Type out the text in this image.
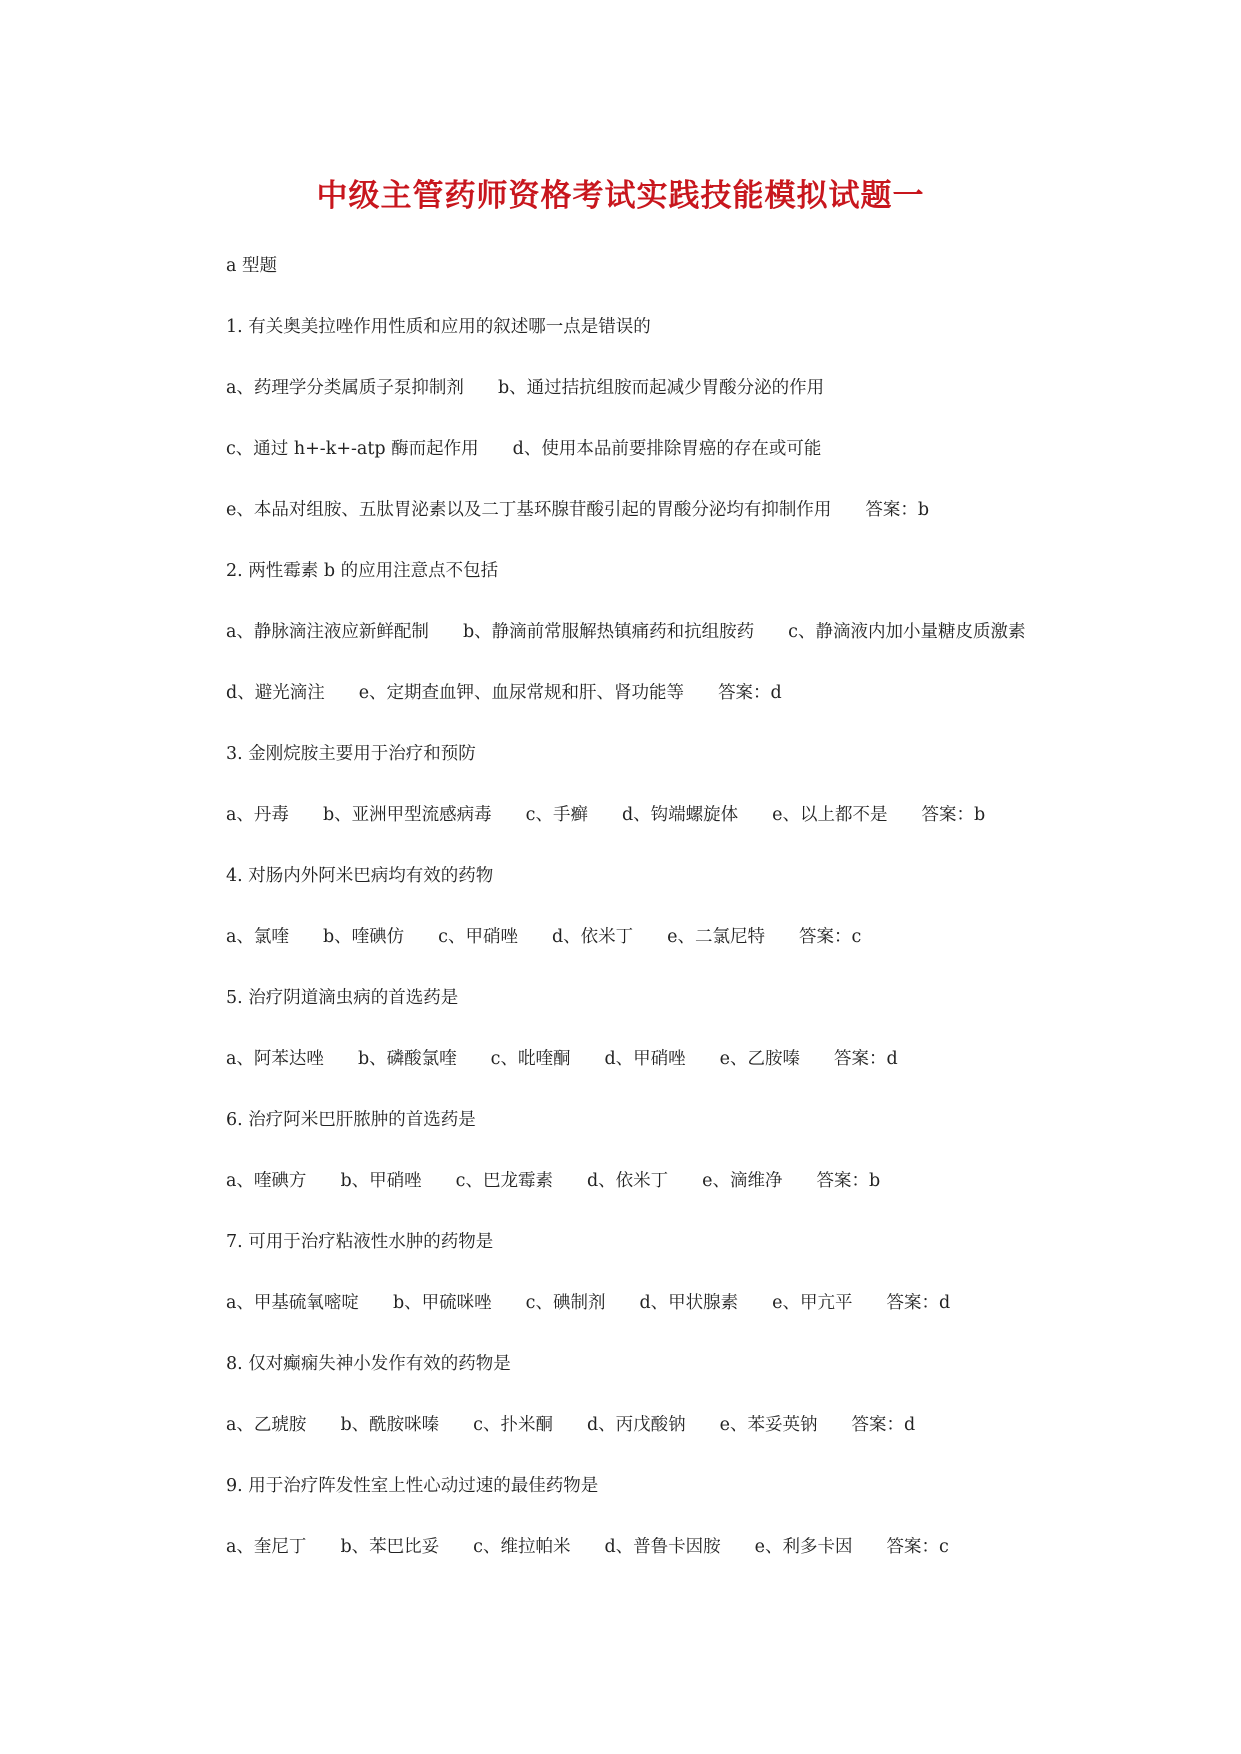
中级主管药师资格考试实践技能模拟试题一
a 型题
1. 有关奥美拉唑作用性质和应用的叙述哪一点是错误的
a、药理学分类属质子泵抑制剂 b、通过拮抗组胺而起减少胃酸分泌的作用
c、通过 h+-k+-atp 酶而起作用 d、使用本品前要排除胃癌的存在或可能
e、本品对组胺、五肽胃泌素以及二丁基环腺苷酸引起的胃酸分泌均有抑制作用 答案：b
2. 两性霉素 b 的应用注意点不包括
a、静脉滴注液应新鲜配制 b、静滴前常服解热镇痛药和抗组胺药 c、静滴液内加小量糖皮质激素
d、避光滴注 e、定期查血钾、血尿常规和肝、肾功能等 答案：d
3. 金刚烷胺主要用于治疗和预防
a、丹毒 b、亚洲甲型流感病毒 c、手癣 d、钩端螺旋体 e、以上都不是 答案：b
4. 对肠内外阿米巴病均有效的药物
a、氯喹 b、喹碘仿 c、甲硝唑 d、依米丁 e、二氯尼特 答案：c
5. 治疗阴道滴虫病的首选药是
a、阿苯达唑 b、磷酸氯喹 c、吡喹酮 d、甲硝唑 e、乙胺嗪 答案：d
6. 治疗阿米巴肝脓肿的首选药是
a、喹碘方 b、甲硝唑 c、巴龙霉素 d、依米丁 e、滴维净 答案：b
7. 可用于治疗粘液性水肿的药物是
a、甲基硫氧嘧啶 b、甲硫咪唑 c、碘制剂 d、甲状腺素 e、甲亢平 答案：d
8. 仅对癫痫失神小发作有效的药物是
a、乙琥胺 b、酰胺咪嗪 c、扑米酮 d、丙戊酸钠 e、苯妥英钠 答案：d
9. 用于治疗阵发性室上性心动过速的最佳药物是
a、奎尼丁 b、苯巴比妥 c、维拉帕米 d、普鲁卡因胺 e、利多卡因 答案：c
